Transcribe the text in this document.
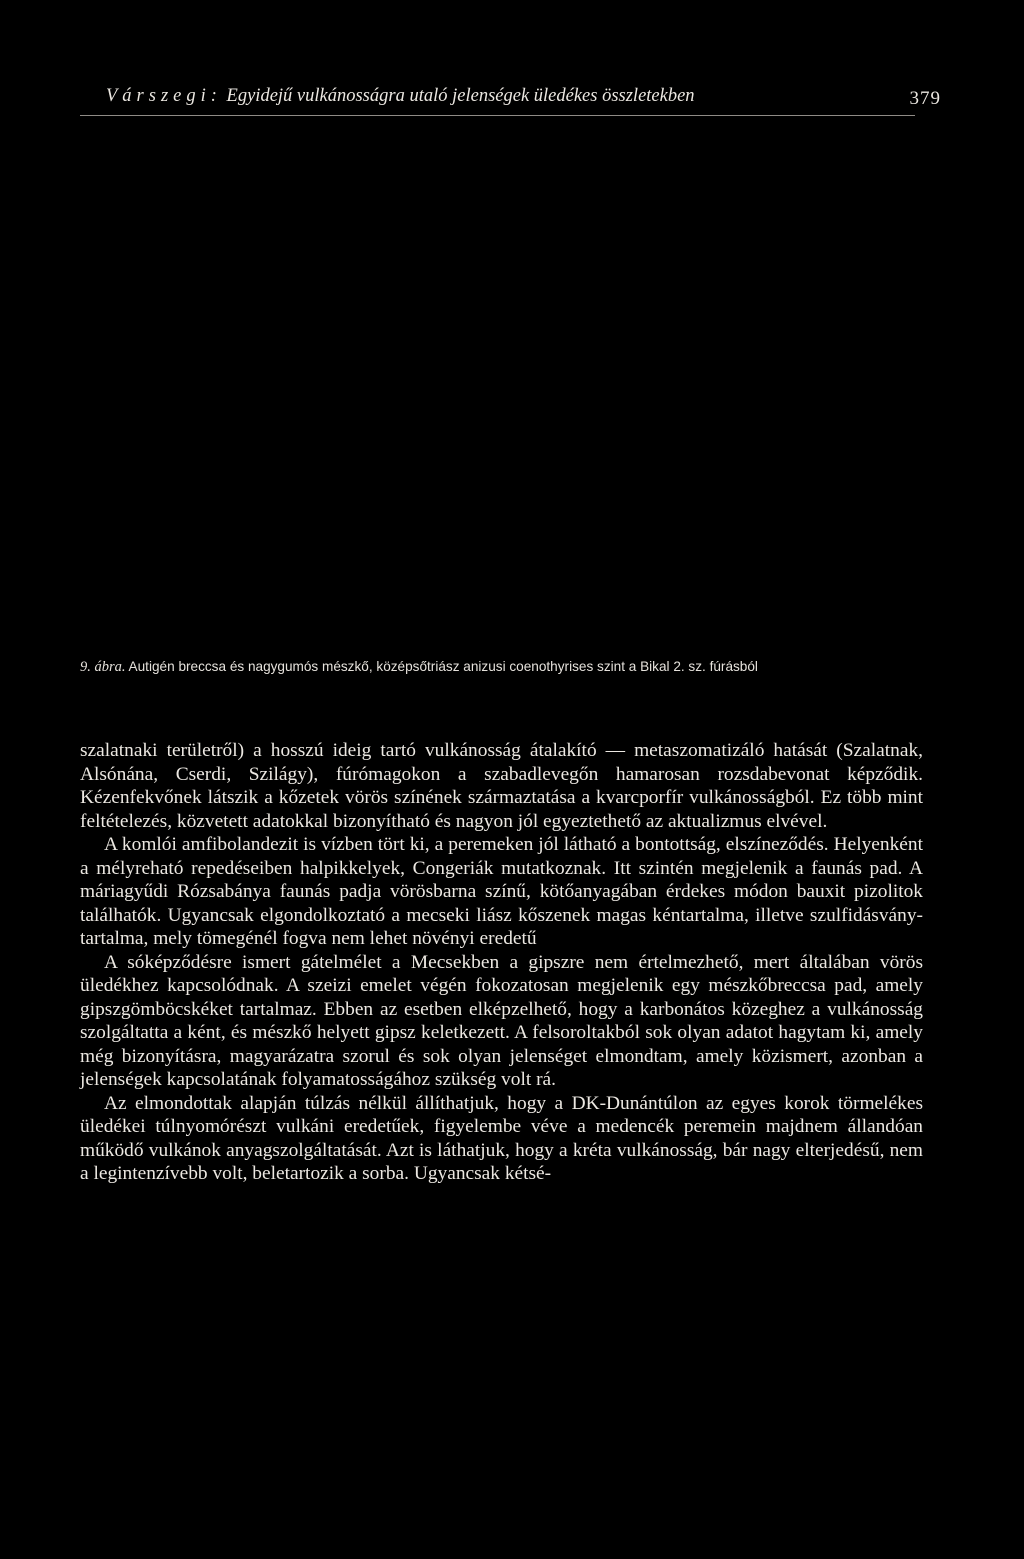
Várszegi: Egyidejű vulkánosságra utaló jelenségek üledékes összletekben	379
9. ábra. Autigén breccsa és nagygumós mészkő, középsőtriász anizusi coenothyrises szint a Bikal 2. sz. fúrásból

szalatnaki területről) a hosszú ideig tartó vulkánosság átalakító — metaszomatizáló hatását (Szalatnak, Alsónána, Cserdi, Szilágy), fúrómagokon a szabadlevegőn hamarosan rozsdabevonat képződik. Kézenfekvőnek látszik a kőzetek vörös színének származtatása a kvarcporfír vulkánosságból. Ez több mint feltételezés, közvetett adatokkal bizonyítható és nagyon jól egyeztethető az aktualizmus elvével.

A komlói amfibolandezit is vízben tört ki, a peremeken jól látható a bontottság, elszíneződés. Helyenként a mélyreható repedéseiben halpikkelyek, Congeriák mutatkoznak. Itt szintén megjelenik a faunás pad. A máriagyűdi Rózsabánya faunás padja vörösbarna színű, kötőanyagában érdekes módon bauxit pizolitok találhatók. Ugyancsak elgondolkoztató a mecseki liász kőszenek magas kéntartalma, illetve szulfidásvány-tartalma, mely tömegénél fogva nem lehet növényi eredetű

A sóképződésre ismert gátelmélet a Mecsekben a gipszre nem értelmezhető, mert általában vörös üledékhez kapcsolódnak. A szeizi emelet végén fokozatosan megjelenik egy mészkőbreccsa pad, amely gipszgömböcskéket tartalmaz. Ebben az esetben elképzelhető, hogy a karbonátos közeghez a vulkánosság szolgáltatta a ként, és mészkő helyett gipsz keletkezett. A felsoroltakból sok olyan adatot hagytam ki, amely még bizonyításra, magyarázatra szorul és sok olyan jelenséget elmondtam, amely közismert, azonban a jelenségek kapcsolatának folyamatosságához szükség volt rá.

Az elmondottak alapján túlzás nélkül állíthatjuk, hogy a DK-Dunántúlon az egyes korok törmelékes üledékei túlnyomórészt vulkáni eredetűek, figyelembe véve a medencék peremein majdnem állandóan működő vulkánok anyagszolgáltatását. Azt is láthatjuk, hogy a kréta vulkánosság, bár nagy elterjedésű, nem a legintenzívebb volt, beletartozik a sorba. Ugyancsak kétsé-
